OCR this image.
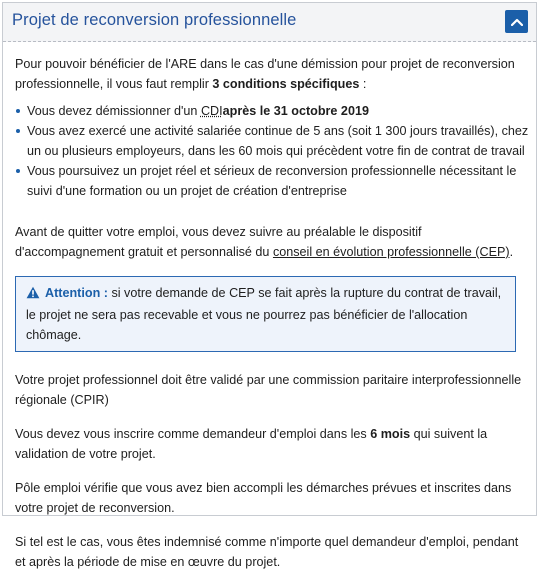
Projet de reconversion professionnelle

Pour pouvoir bénéficier de l'ARE dans le cas d'une démission pour projet de reconversion professionnelle, il vous faut remplir 3 conditions spécifiques :

Vous devez démissionner d'un CDIaprès le 31 octobre 2019
Vous avez exercé une activité salariée continue de 5 ans (soit 1 300 jours travaillés), chez un ou plusieurs employeurs, dans les 60 mois qui précèdent votre fin de contrat de travail
Vous poursuivez un projet réel et sérieux de reconversion professionnelle nécessitant le suivi d'une formation ou un projet de création d'entreprise

Avant de quitter votre emploi, vous devez suivre au préalable le dispositif d'accompagnement gratuit et personnalisé du conseil en évolution professionnelle (CEP).

Attention : si votre demande de CEP se fait après la rupture du contrat de travail, le projet ne sera pas recevable et vous ne pourrez pas bénéficier de l'allocation chômage.

Votre projet professionnel doit être validé par une commission paritaire interprofessionnelle régionale (CPIR)

Vous devez vous inscrire comme demandeur d'emploi dans les 6 mois qui suivent la validation de votre projet.

Pôle emploi vérifie que vous avez bien accompli les démarches prévues et inscrites dans votre projet de reconversion.

Si tel est le cas, vous êtes indemnisé comme n'importe quel demandeur d'emploi, pendant et après la période de mise en œuvre du projet.
